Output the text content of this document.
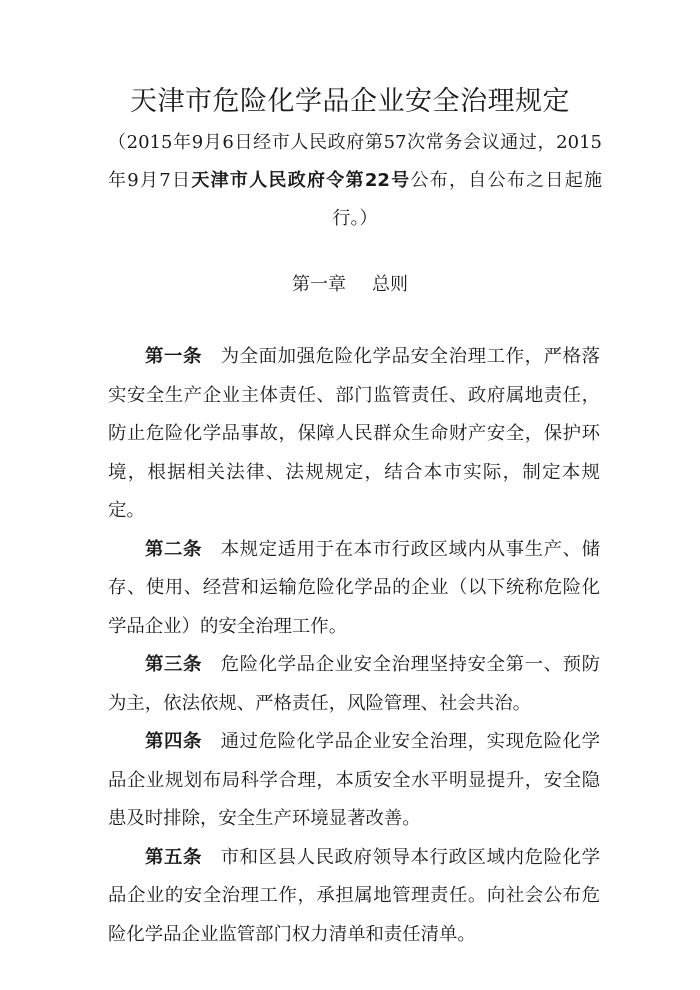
天津市危险化学品企业安全治理规定

（2015年9月6日经市人民政府第57次常务会议通过，2015年9月7日天津市人民政府令第22号公布，自公布之日起施行。）

第一章 总则

第一条 为全面加强危险化学品安全治理工作，严格落实安全生产企业主体责任、部门监管责任、政府属地责任，防止危险化学品事故，保障人民群众生命财产安全，保护环境，根据相关法律、法规规定，结合本市实际，制定本规定。

第二条 本规定适用于在本市行政区域内从事生产、储存、使用、经营和运输危险化学品的企业（以下统称危险化学品企业）的安全治理工作。

第三条 危险化学品企业安全治理坚持安全第一、预防为主，依法依规、严格责任，风险管理、社会共治。

第四条 通过危险化学品企业安全治理，实现危险化学品企业规划布局科学合理，本质安全水平明显提升，安全隐患及时排除，安全生产环境显著改善。

第五条 市和区县人民政府领导本行政区域内危险化学品企业的安全治理工作，承担属地管理责任。向社会公布危险化学品企业监管部门权力清单和责任清单。
